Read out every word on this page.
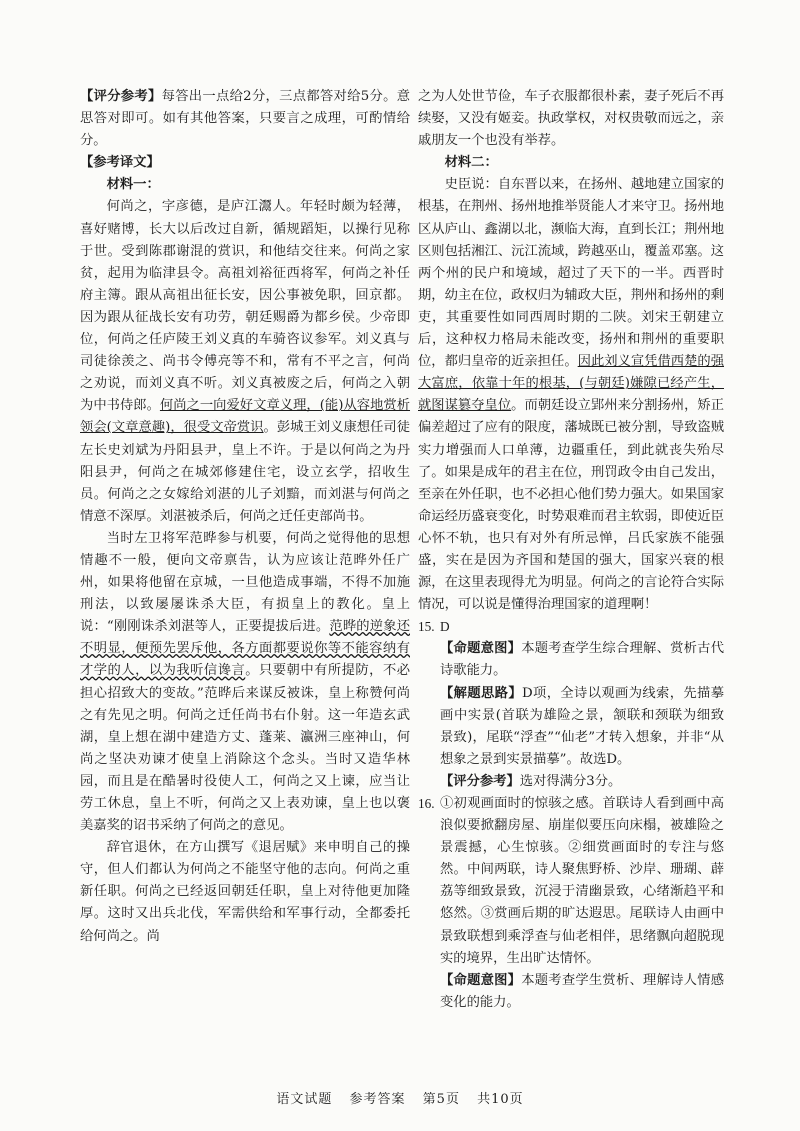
【评分参考】每答出一点给2分，三点都答对给5分。意思答对即可。如有其他答案，只要言之成理，可酌情给分。

【参考译文】

材料一：

何尚之，字彦德，是庐江灊人。年轻时颇为轻薄，喜好赌博，长大以后改过自新，循规蹈矩，以操行见称于世。受到陈郡谢混的赏识，和他结交往来。何尚之家贫，起用为临津县令。高祖刘裕征西将军，何尚之补任府主簿。跟从高祖出征长安，因公事被免职，回京都。因为跟从征战长安有功劳，朝廷赐爵为都乡侯。少帝即位，何尚之任庐陵王刘义真的车骑咨议参军。刘义真与司徒徐羡之、尚书令傅亮等不和，常有不平之言，何尚之劝说，而刘义真不听。刘义真被废之后，何尚之入朝为中书侍郎。何尚之一向爱好文章义理，(能)从容地赏析领会(文章意趣)，很受文帝赏识。彭城王刘义康想任司徒左长史刘斌为丹阳县尹，皇上不许。于是以何尚之为丹阳县尹，何尚之在城郊修建住宅，设立玄学，招收生员。何尚之之女嫁给刘湛的儿子刘黯，而刘湛与何尚之情意不深厚。刘湛被杀后，何尚之迁任吏部尚书。

当时左卫将军范晔参与机要，何尚之觉得他的思想情趣不一般，便向文帝禀告，认为应该让范晔外任广州，如果将他留在京城，一旦他造成事端，不得不加施刑法，以致屡屡诛杀大臣，有损皇上的教化。皇上说：“刚刚诛杀刘湛等人，正要提拔后进。范晔的逆象还不明显，便预先罢斥他，各方面都要说你等不能容纳有才学的人，以为我听信谗言。只要朝中有所提防，不必担心招致大的变故。”范晔后来谋反被诛，皇上称赞何尚之有先见之明。何尚之迁任尚书右仆射。这一年造玄武湖，皇上想在湖中建造方丈、蓬莱、瀛洲三座神山，何尚之坚决劝谏才使皇上消除这个念头。当时又造华林园，而且是在酷暑时役使人工，何尚之又上谏，应当让劳工休息，皇上不听，何尚之又上表劝谏，皇上也以褒美嘉奖的诏书采纳了何尚之的意见。

辞官退休，在方山撰写《退居赋》来申明自己的操守，但人们都认为何尚之不能坚守他的志向。何尚之重新任职。何尚之已经返回朝廷任职，皇上对待他更加隆厚。这时又出兵北伐，军需供给和军事行动，全都委托给何尚之。尚

之为人处世节俭，车子衣服都很朴素，妻子死后不再续娶，又没有姬妾。执政掌权，对权贵敬而远之，亲戚朋友一个也没有举荐。

材料二：

史臣说：自东晋以来，在扬州、越地建立国家的根基，在荆州、扬州地推举贤能人才来守卫。扬州地区从庐山、鑫湖以北，濒临大海，直到长江；荆州地区则包括湘江、沅江流域，跨越巫山，覆盖邓塞。这两个州的民户和境域，超过了天下的一半。西晋时期，幼主在位，政权归为辅政大臣，荆州和扬州的剩吏，其重要性如同西周时期的二陕。刘宋王朝建立后，这种权力格局未能改变，扬州和荆州的重要职位，都归皇帝的近亲担任。因此刘义宣凭借西楚的强大富庶，依靠十年的根基，(与朝廷)嫌隙已经产生，就图谋篡夺皇位。而朝廷设立郢州来分割扬州，矫正偏差超过了应有的限度，藩城既已被分割，导致盗贼实力增强而人口单薄，边疆重任，到此就丧失殆尽了。如果是成年的君主在位，刑罚政令由自己发出，至亲在外任职，也不必担心他们势力强大。如果国家命运经历盛衰变化，时势艰难而君主软弱，即使近臣心怀不轨，也只有对外有所忌惮，吕氏家族不能强盛，实在是因为齐国和楚国的强大，国家兴衰的根源，在这里表现得尤为明显。何尚之的言论符合实际情况，可以说是懂得治理国家的道理啊！

15. D

【命题意图】本题考查学生综合理解、赏析古代诗歌能力。

【解题思路】D项，全诗以观画为线索，先描摹画中实景(首联为雄险之景，颔联和颈联为细致景致)，尾联“浮查”“仙老”才转入想象，并非“从想象之景到实景描摹”。故选D。

【评分参考】选对得满分3分。

16. ①初观画面时的惊骇之感。首联诗人看到画中高浪似要掀翻房屋、崩崖似要压向床榻，被雄险之景震撼，心生惊骇。②细赏画面时的专注与悠然。中间两联，诗人聚焦野桥、沙岸、珊瑚、薜荔等细致景致，沉浸于清幽景致，心绪渐趋平和悠然。③赏画后期的旷达遐思。尾联诗人由画中景致联想到乘浮查与仙老相伴，思绪飘向超脱现实的境界，生出旷达情怀。

【命题意图】本题考查学生赏析、理解诗人情感变化的能力。

语文试题 参考答案 第5页 共10页
